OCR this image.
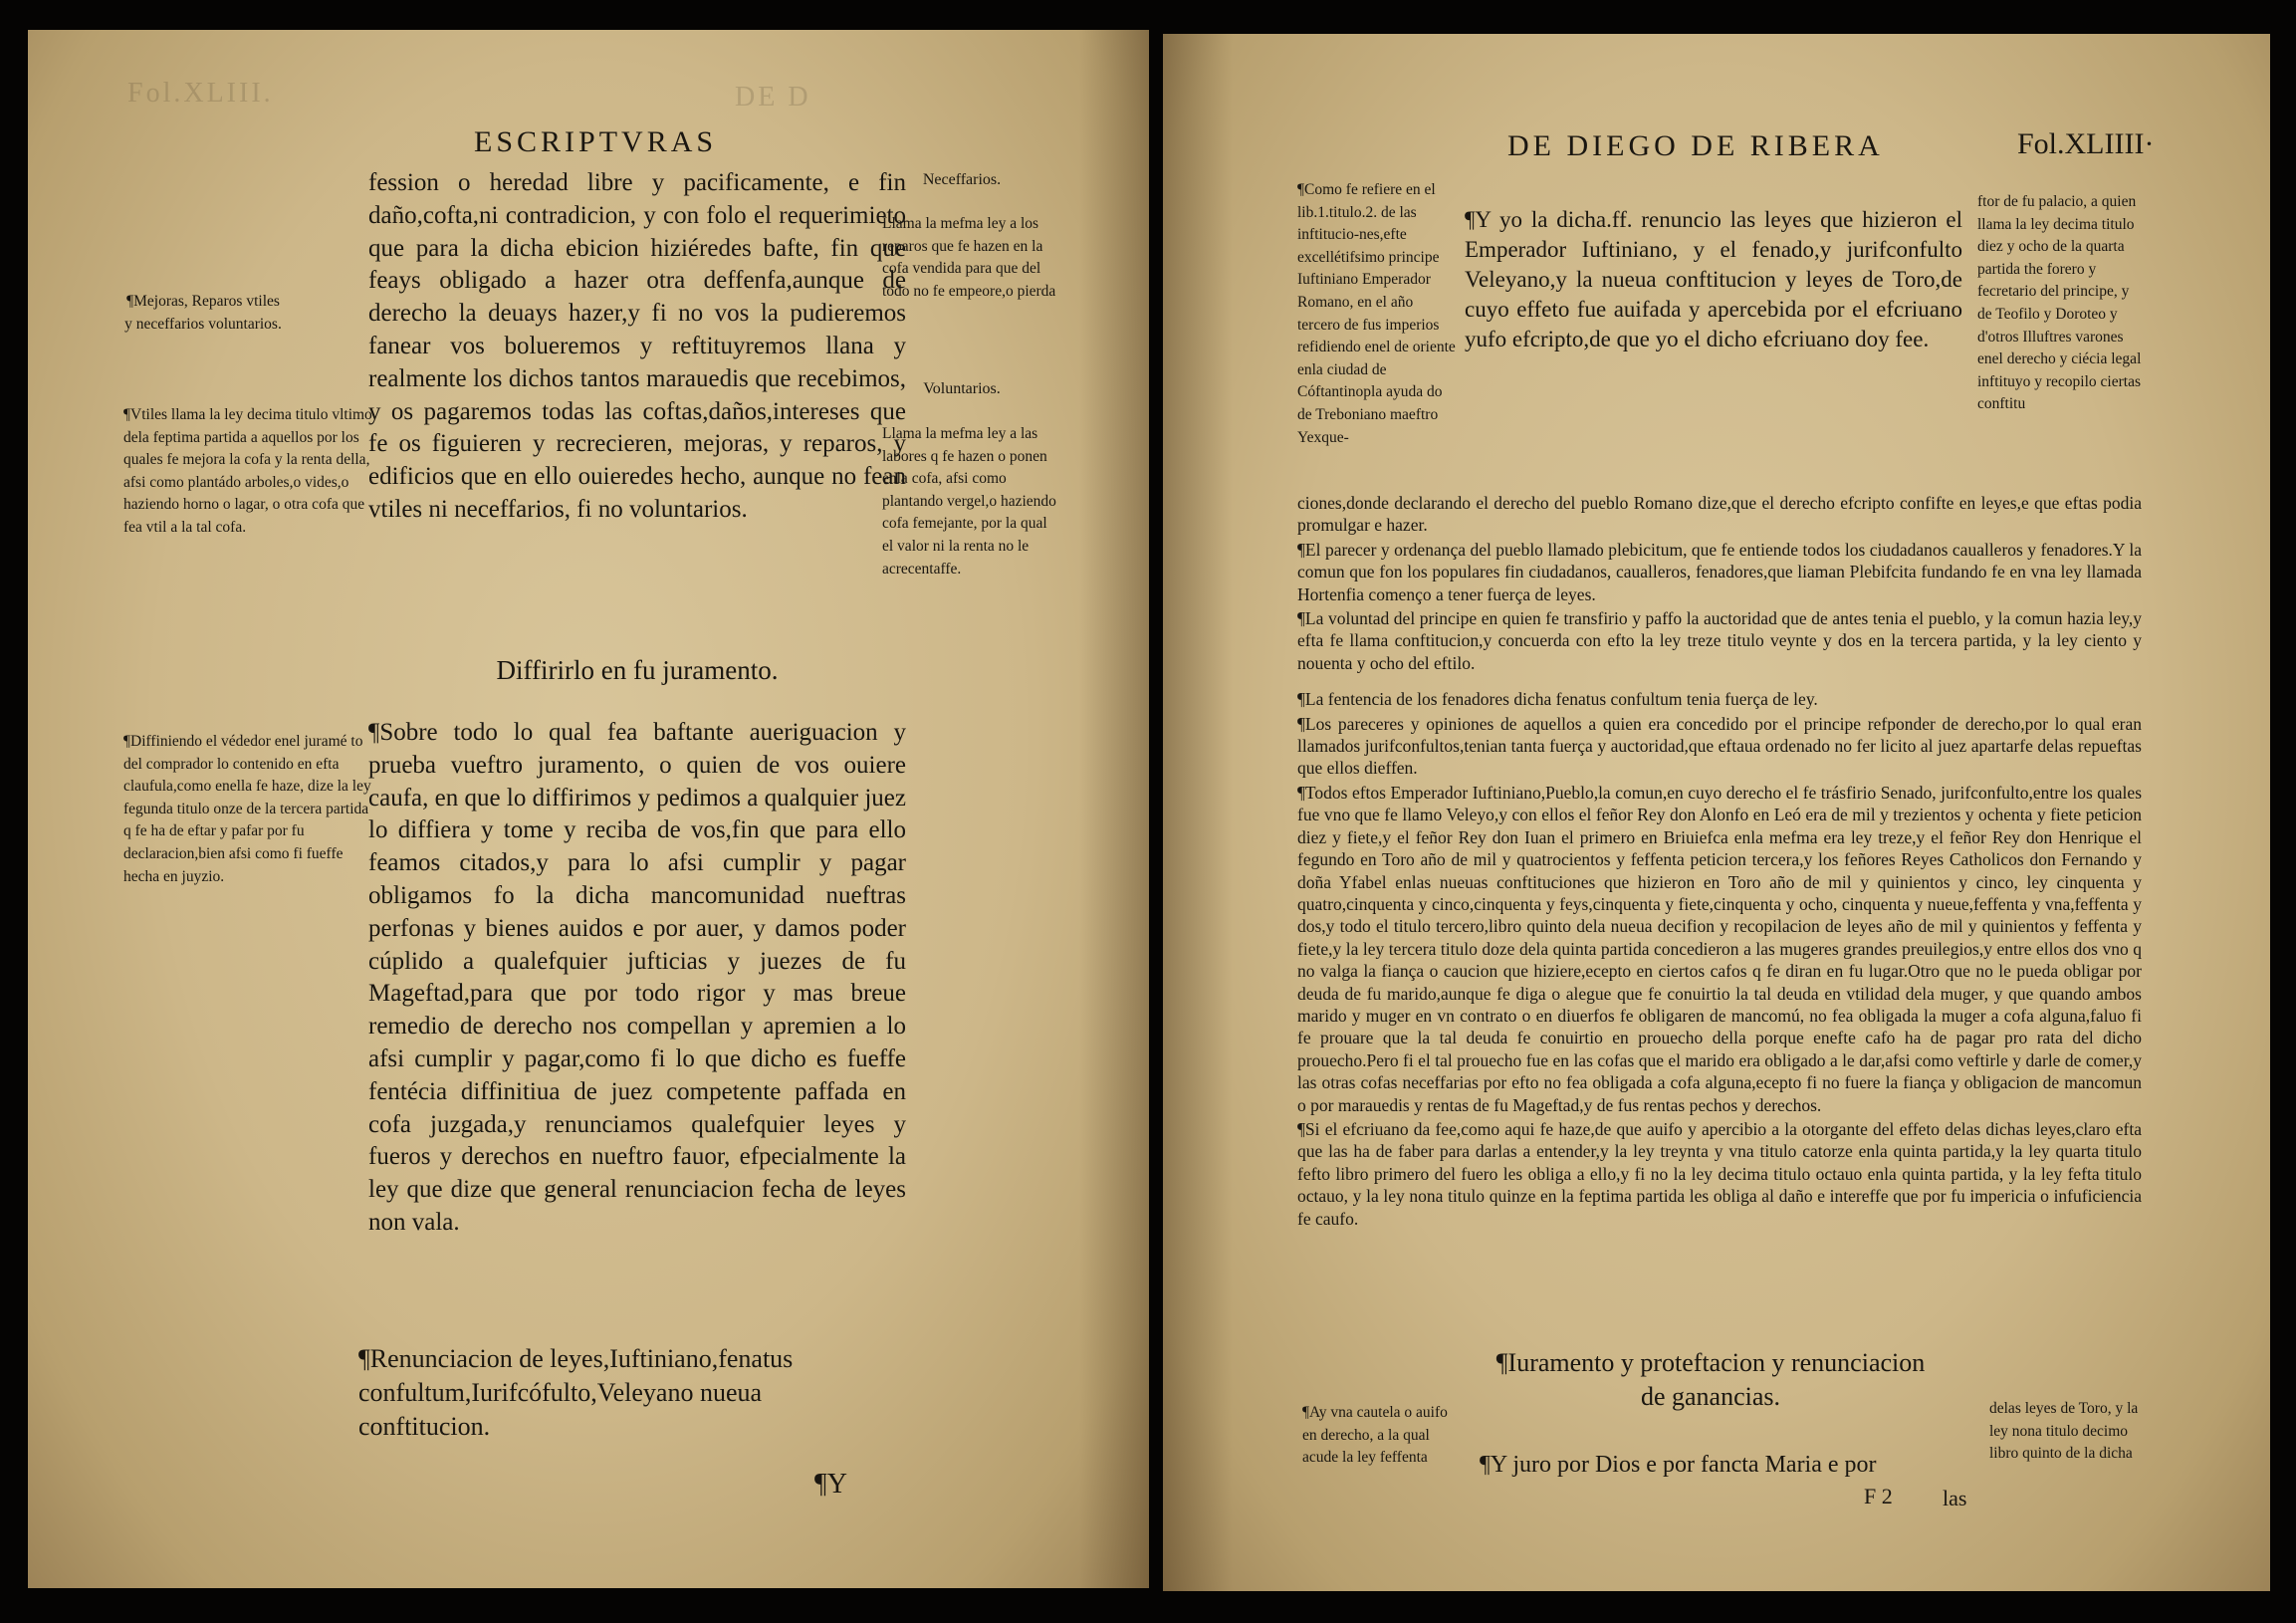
Fol.XLIII.	DE D
ESCRIPTVRAS

¶Mejoras, Reparos vtiles y neceffarios voluntarios.

¶Vtiles llama la ley decima titulo vltimo dela feptima partida a aquellos por los quales fe mejora la cofa y la renta della, afsi como plantádo arboles,o vides,o haziendo horno o lagar, o otra cofa que fea vtil a la tal cofa.

¶Diffiniendo el védedor enel juramé to del comprador lo contenido en efta claufula,como enella fe haze, dize la ley fegunda titulo onze de la tercera partida q fe ha de eftar y pafar por fu declaracion,bien afsi como fi fueffe hecha en juyzio.

fession o heredad libre y pacificamente, e fin daño,cofta,ni contradicion, y con folo el requerimieto que para la dicha ebicion hiziéredes bafte, fin que feays obligado a hazer otra deffenfa,aunque de derecho la deuays hazer,y fi no vos la pudieremos fanear vos bolueremos y reftituyremos llana y realmente los dichos tantos marauedis que recebimos, y os pagaremos todas las coftas,daños,intereses que fe os figuieren y recrecieren, mejoras, y reparos, y edificios que en ello ouieredes hecho, aunque no fean vtiles ni neceffarios, fi no voluntarios.

Diffirirlo en fu juramento.

¶Sobre todo lo qual fea baftante aueriguacion y prueba vueftro juramento, o quien de vos ouiere caufa, en que lo diffirimos y pedimos a qualquier juez lo diffiera y tome y reciba de vos,fin que para ello feamos citados,y para lo afsi cumplir y pagar obligamos fo la dicha mancomunidad nueftras perfonas y bienes auidos e por auer, y damos poder cúplido a qualefquier jufticias y juezes de fu Mageftad,para que por todo rigor y mas breue remedio de derecho nos compellan y apremien a lo afsi cumplir y pagar,como fi lo que dicho es fueffe fentécia diffinitiua de juez competente paffada en cofa juzgada,y renunciamos qualefquier leyes y fueros y derechos en nueftro fauor, efpecialmente la ley que dize que general renunciacion fecha de leyes non vala.

¶Renunciacion de leyes,Iuftiniano,fenatus confultum,Iurifcófulto,Veleyano nueua conftitucion.

¶Y
Neceffarios.

Llama la mefma ley a los reparos que fe hazen en la cofa vendida para que del todo no fe empeore,o pierda

Voluntarios.

Llama la mefma ley a las labores q fe hazen o ponen enla cofa, afsi como plantando vergel,o haziendo cofa femejante, por la qual el valor ni la renta no le acrecentaffe.

DE DIEGO DE RIBERA	Fol.XLIIII·

¶Como fe refiere en el lib.1.titulo.2. de las inftitucio-nes,efte excellétifsimo principe Iuftiniano Emperador Romano, en el año tercero de fus imperios refidiendo enel de oriente enla ciudad de Cóftantinopla ayuda do de Treboniano maeftro Yexque-

¶Y yo la dicha.ff. renuncio las leyes que hizieron el Emperador Iuftiniano, y el fenado,y jurifconfulto Veleyano,y la nueua conftitucion y leyes de Toro,de cuyo effeto fue auifada y apercebida por el efcriuano yufo efcripto,de que yo el dicho efcriuano doy fee.

ftor de fu palacio, a quien llama la ley decima titulo diez y ocho de la quarta partida the forero y fecretario del principe, y de Teofilo y Doroteo y d'otros Illuftres varones enel derecho y ciécia legal inftituyo y recopilo ciertas conftitu

ciones,donde declarando el derecho del pueblo Romano dize,que el derecho efcripto confifte en leyes,e que eftas podia promulgar e hazer.

¶El parecer y ordenança del pueblo llamado plebicitum, que fe entiende todos los ciudadanos caualleros y fenadores.Y la comun que fon los populares fin ciudadanos, caualleros, fenadores,que liaman Plebifcita fundando fe en vna ley llamada Hortenfia començo a tener fuerça de leyes.

¶La voluntad del principe en quien fe transfirio y paffo la auctoridad que de antes tenia el pueblo, y la comun hazia ley,y efta fe llama conftitucion,y concuerda con efto la ley treze titulo veynte y dos en la tercera partida, y la ley ciento y nouenta y ocho del eftilo.

¶La fentencia de los fenadores dicha fenatus confultum tenia fuerça de ley.

¶Los pareceres y opiniones de aquellos a quien era concedido por el principe refponder de derecho,por lo qual eran llamados jurifconfultos,tenian tanta fuerça y auctoridad,que eftaua ordenado no fer licito al juez apartarfe delas repueftas que ellos dieffen.

¶Todos eftos Emperador Iuftiniano,Pueblo,la comun,en cuyo derecho el fe trásfirio Senado, jurifconfulto,entre los quales fue vno que fe llamo Veleyo,y con ellos el feñor Rey don Alonfo en Leó era de mil y trezientos y ochenta y fiete peticion diez y fiete,y el feñor Rey don Iuan el primero en Briuiefca enla mefma era ley treze,y el feñor Rey don Henrique el fegundo en Toro año de mil y quatrocientos y feffenta peticion tercera,y los feñores Reyes Catholicos don Fernando y doña Yfabel enlas nueuas conftituciones que hizieron en Toro año de mil y quinientos y cinco, ley cinquenta y quatro,cinquenta y cinco,cinquenta y feys,cinquenta y fiete,cinquenta y ocho, cinquenta y nueue,feffenta y vna,feffenta y dos,y todo el titulo tercero,libro quinto dela nueua decifion y recopilacion de leyes año de mil y quinientos y feffenta y fiete,y la ley tercera titulo doze dela quinta partida concedieron a las mugeres grandes preuilegios,y entre ellos dos vno q no valga la fiança o caucion que hiziere,ecepto en ciertos cafos q fe diran en fu lugar.Otro que no le pueda obligar por deuda de fu marido,aunque fe diga o alegue que fe conuirtio la tal deuda en vtilidad dela muger, y que quando ambos marido y muger en vn contrato o en diuerfos fe obligaren de mancomú, no fea obligada la muger a cofa alguna,faluo fi fe prouare que la tal deuda fe conuirtio en prouecho della porque enefte cafo ha de pagar pro rata del dicho prouecho.Pero fi el tal prouecho fue en las cofas que el marido era obligado a le dar,afsi como veftirle y darle de comer,y las otras cofas neceffarias por efto no fea obligada a cofa alguna,ecepto fi no fuere la fiança y obligacion de mancomun o por marauedis y rentas de fu Mageftad,y de fus rentas pechos y derechos.

¶Si el efcriuano da fee,como aqui fe haze,de que auifo y apercibio a la otorgante del effeto delas dichas leyes,claro efta que las ha de faber para darlas a entender,y la ley treynta y vna titulo catorze enla quinta partida,y la ley quarta titulo fefto libro primero del fuero les obliga a ello,y fi no la ley decima titulo octauo enla quinta partida, y la ley fefta titulo octauo, y la ley nona titulo quinze en la feptima partida les obliga al daño e intereffe que por fu impericia o infuficiencia fe caufo.

¶Iuramento y proteftacion y renunciacion de ganancias.

¶Ay vna cautela o auifo en derecho, a la qual acude la ley feffenta	¶Y juro por Dios e por fancta Maria e por
F 2 las

delas leyes de Toro, y la ley nona titulo decimo libro quinto de la dicha
